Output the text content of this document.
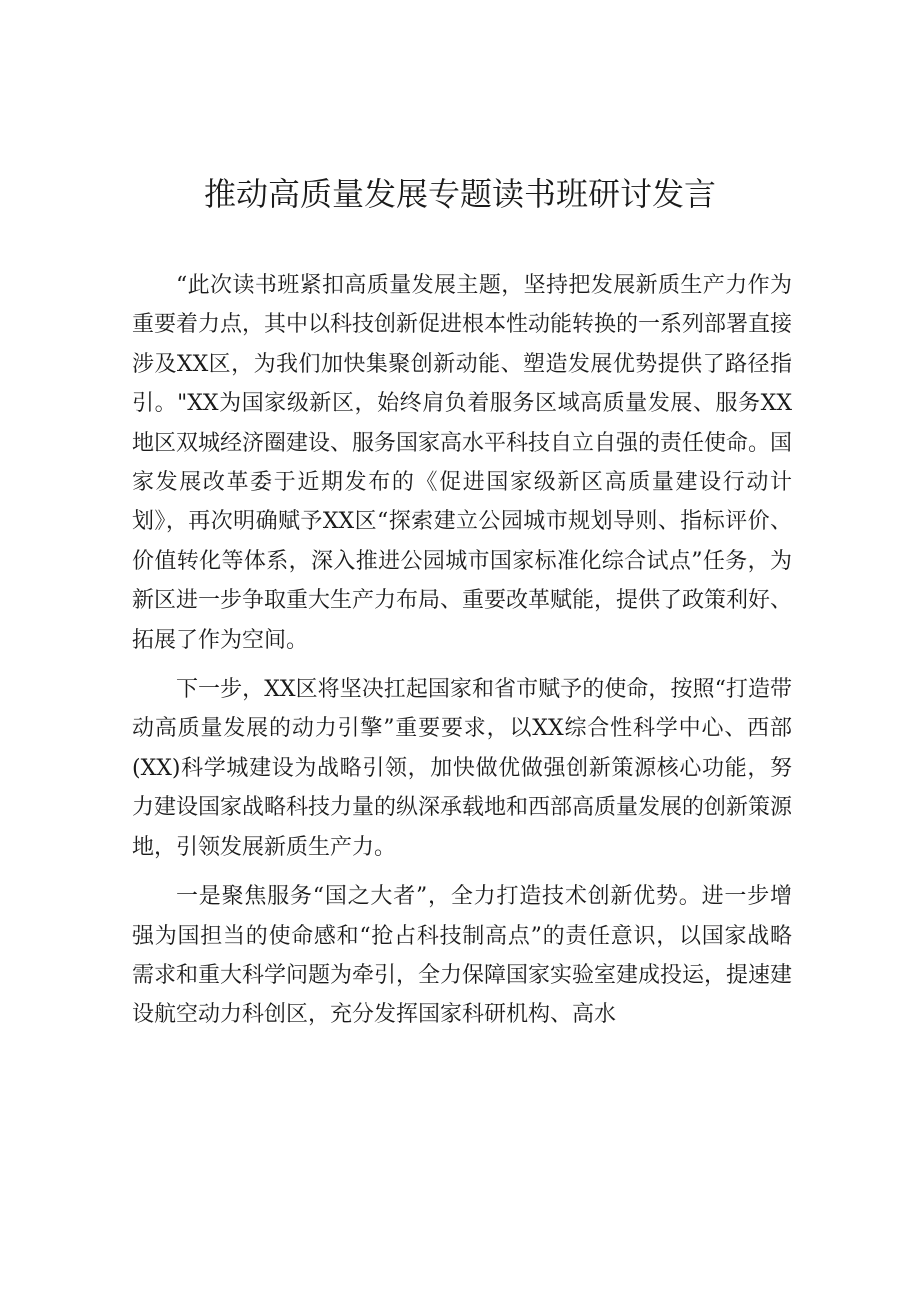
推动高质量发展专题读书班研讨发言

“此次读书班紧扣高质量发展主题，坚持把发展新质生产力作为重要着力点，其中以科技创新促进根本性动能转换的一系列部署直接涉及XX区，为我们加快集聚创新动能、塑造发展优势提供了路径指引。"XX为国家级新区，始终肩负着服务区域高质量发展、服务XX地区双城经济圈建设、服务国家高水平科技自立自强的责任使命。国家发展改革委于近期发布的《促进国家级新区高质量建设行动计划》，再次明确赋予XX区“探索建立公园城市规划导则、指标评价、价值转化等体系，深入推进公园城市国家标准化综合试点”任务，为新区进一步争取重大生产力布局、重要改革赋能，提供了政策利好、拓展了作为空间。

下一步，XX区将坚决扛起国家和省市赋予的使命，按照“打造带动高质量发展的动力引擎”重要要求，以XX综合性科学中心、西部(XX)科学城建设为战略引领，加快做优做强创新策源核心功能，努力建设国家战略科技力量的纵深承载地和西部高质量发展的创新策源地，引领发展新质生产力。

一是聚焦服务“国之大者”，全力打造技术创新优势。进一步增强为国担当的使命感和“抢占科技制高点”的责任意识，以国家战略需求和重大科学问题为牵引，全力保障国家实验室建成投运，提速建设航空动力科创区，充分发挥国家科研机构、高水
